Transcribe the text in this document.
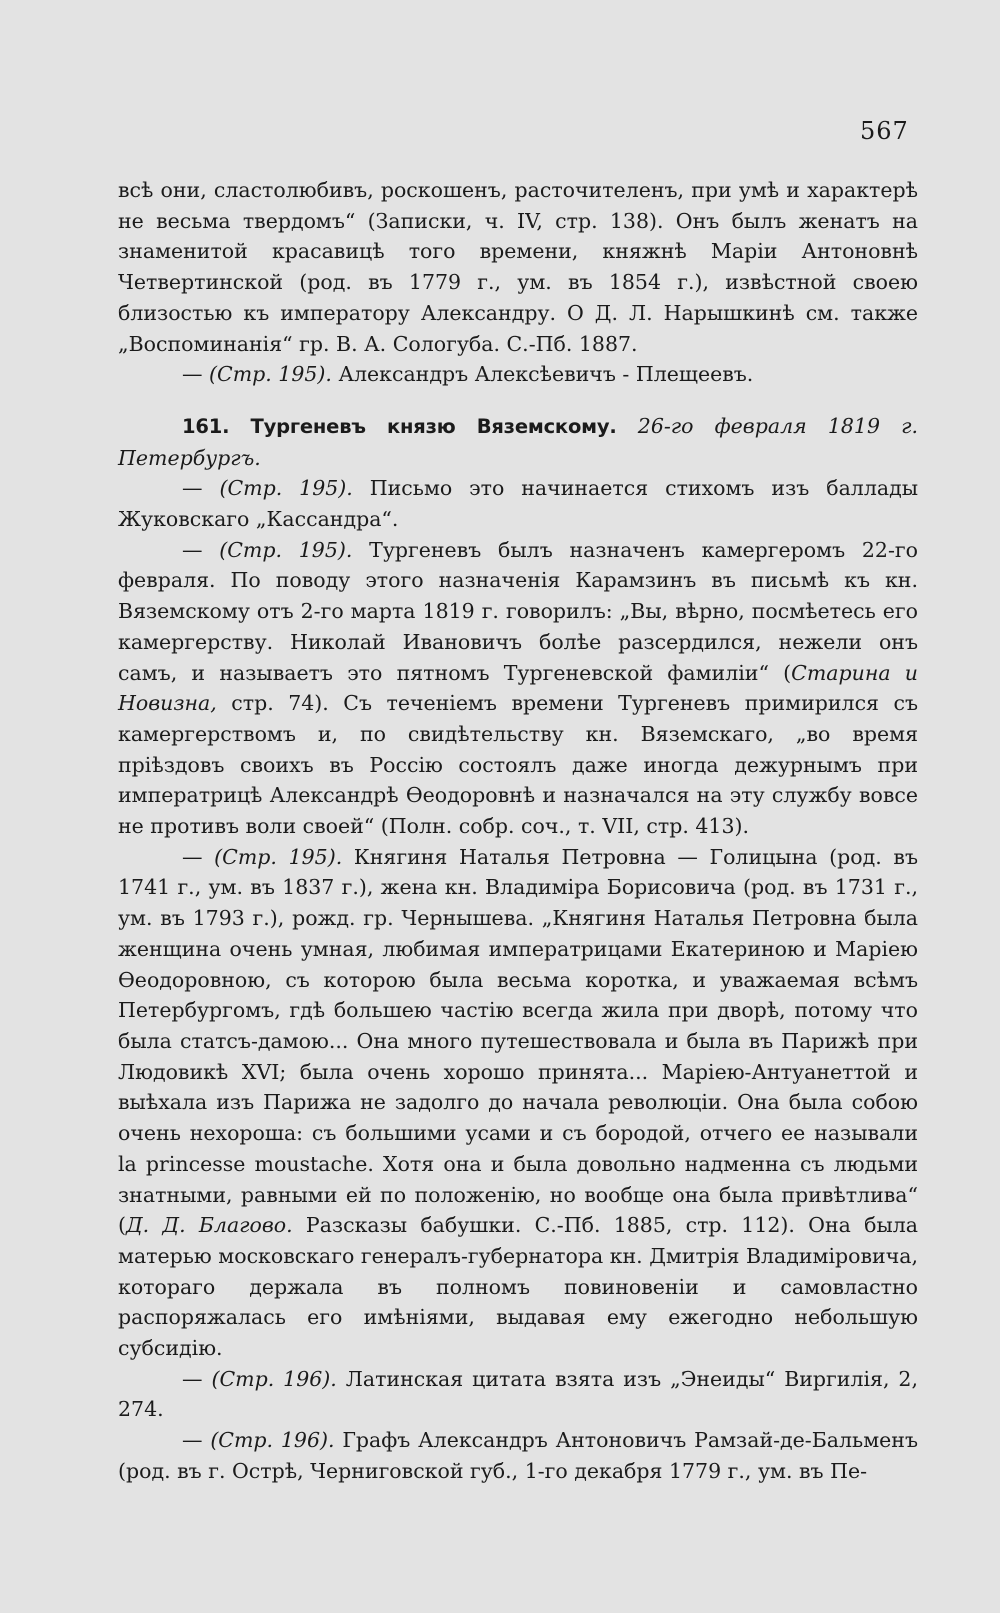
567

всѣ они, сластолюбивъ, роскошенъ, расточителенъ, при умѣ и характерѣ не весьма твердомъ“ (Записки, ч. IV, стр. 138). Онъ былъ женатъ на знаменитой красавицѣ того времени, княжнѣ Маріи Антоновнѣ Четвертинской (род. въ 1779 г., ум. въ 1854 г.), извѣстной своею близостью къ императору Александру. О Д. Л. Нарышкинѣ см. также „Воспоминанія“ гр. В. А. Сологуба. С.-Пб. 1887.

— (Стр. 195). Александръ Алексѣевичъ - Плещеевъ.

161. Тургеневъ князю Вяземскому. 26-го февраля 1819 г. Петербургъ.

— (Стр. 195). Письмо это начинается стихомъ изъ баллады Жуковскаго „Кассандра“.

— (Стр. 195). Тургеневъ былъ назначенъ камергеромъ 22-го февраля. По поводу этого назначенія Карамзинъ въ письмѣ къ кн. Вяземскому отъ 2-го марта 1819 г. говорилъ: „Вы, вѣрно, посмѣетесь его камергерству. Николай Ивановичъ болѣе разсердился, нежели онъ самъ, и называетъ это пятномъ Тургеневской фамиліи“ (Старина и Новизна, стр. 74). Съ теченіемъ времени Тургеневъ примирился съ камергерствомъ и, по свидѣтельству кн. Вяземскаго, „во время пріѣздовъ своихъ въ Россію состоялъ даже иногда дежурнымъ при императрицѣ Александрѣ Ѳеодоровнѣ и назначался на эту службу вовсе не противъ воли своей“ (Полн. собр. соч., т. VII, стр. 413).

— (Стр. 195). Княгиня Наталья Петровна — Голицына (род. въ 1741 г., ум. въ 1837 г.), жена кн. Владиміра Борисовича (род. въ 1731 г., ум. въ 1793 г.), рожд. гр. Чернышева. „Княгиня Наталья Петровна была женщина очень умная, любимая императрицами Екатериною и Маріею Ѳеодоровною, съ которою была весьма коротка, и уважаемая всѣмъ Петербургомъ, гдѣ большею частію всегда жила при дворѣ, потому что была статсъ-дамою... Она много путешествовала и была въ Парижѣ при Людовикѣ XVI; была очень хорошо принята... Маріею-Антуанеттой и выѣхала изъ Парижа не задолго до начала революціи. Она была собою очень нехороша: съ большими усами и съ бородой, отчего ее называли la princesse moustache. Хотя она и была довольно надменна съ людьми знатными, равными ей по положенію, но вообще она была привѣтлива“ (Д. Д. Благово. Разсказы бабушки. С.-Пб. 1885, стр. 112). Она была матерью московскаго генералъ-губернатора кн. Дмитрія Владиміровича, котораго держала въ полномъ повиновеніи и самовластно распоряжалась его имѣніями, выдавая ему ежегодно небольшую субсидію.

— (Стр. 196). Латинская цитата взята изъ „Энеиды“ Виргилія, 2, 274.

— (Стр. 196). Графъ Александръ Антоновичъ Рамзай-де-Бальменъ (род. въ г. Острѣ, Черниговской губ., 1-го декабря 1779 г., ум. въ Пе-
